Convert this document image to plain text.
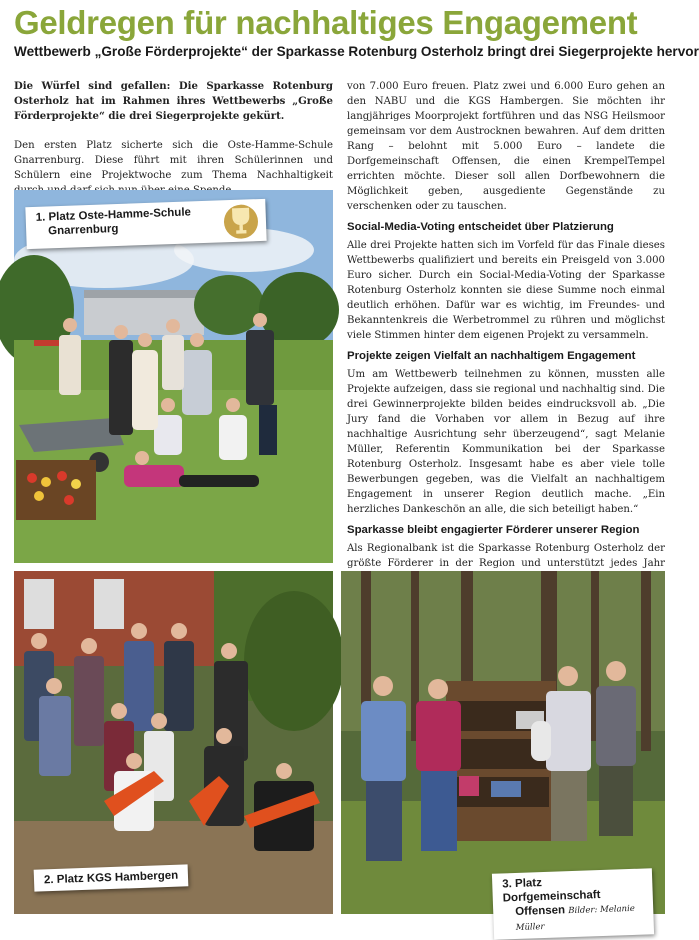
Geldregen für nachhaltiges Engagement

Wettbewerb „Große Förderprojekte“ der Sparkasse Rotenburg Osterholz bringt drei Siegerprojekte hervor

Die Würfel sind gefallen: Die Sparkasse Rotenburg Osterholz hat im Rahmen ihres Wettbewerbs „Große Förderprojekte“ die drei Siegerprojekte gekürt.

Den ersten Platz sicherte sich die Oste-Hamme-Schule Gnarrenburg. Diese führt mit ihren Schülerinnen und Schülern eine Projektwoche zum Thema Nachhaltigkeit

von 7.000 Euro freuen. Platz zwei und 6.000 Euro gehen an den NABU und die KGS Hambergen. Sie möchten ihr langjähriges Moorprojekt fortführen und das NSG Heilsmoor gemeinsam vor dem Austrocknen bewahren. Auf dem dritten Rang – belohnt mit 5.000 Euro – landete die Dorfgemeinschaft Offensen, die einen KrempelTempel errichten möchte. Dieser soll allen Dorfbewohnern die Möglichkeit geben, ausgediente Gegenstände zu verschenken oder zu tauschen.

Social-Media-Voting entscheidet über Platzierung

Alle drei Projekte hatten sich im Vorfeld für das Finale dieses Wettbewerbs qualifiziert und bereits ein Preisgeld von 3.000 Euro sicher. Durch ein Social-Media-Voting der Sparkasse Rotenburg Osterholz konnten sie diese Summe noch einmal deutlich erhöhen. Dafür war es wichtig, im Freundes- und Bekanntenkreis die Werbetrommel zu rühren und möglichst viele Stimmen hinter dem eigenen Projekt zu versammeln.

Projekte zeigen Vielfalt an nachhaltigem Engagement

Um am Wettbewerb teilnehmen zu können, mussten alle Projekte aufzeigen, dass sie regional und nachhaltig sind. Die drei Gewinnerprojekte bilden beides eindrucksvoll ab. „Die Jury fand die Vorhaben vor allem in Bezug auf ihre nachhaltige Ausrichtung sehr überzeugend“, sagt Melanie Müller, Referentin Kommunikation bei der Sparkasse Rotenburg Osterholz. Insgesamt habe es aber viele tolle Bewerbungen gegeben, was die Vielfalt an nachhaltigem Engagement in unserer Region deutlich mache. „Ein herzliches Dankeschön an alle, die sich beteiligt haben.“

Sparkasse bleibt engagierter Förderer unserer Region

Als Regionalbank ist die Sparkasse Rotenburg Osterholz der größte Förderer in der Region und unterstützt jedes Jahr

1. Platz Oste-Hamme-Schule
Gnarrenburg
2. Platz KGS Hambergen	3. Platz Dorfgemeinschaft
Offensen Bilder: Melanie Müller
